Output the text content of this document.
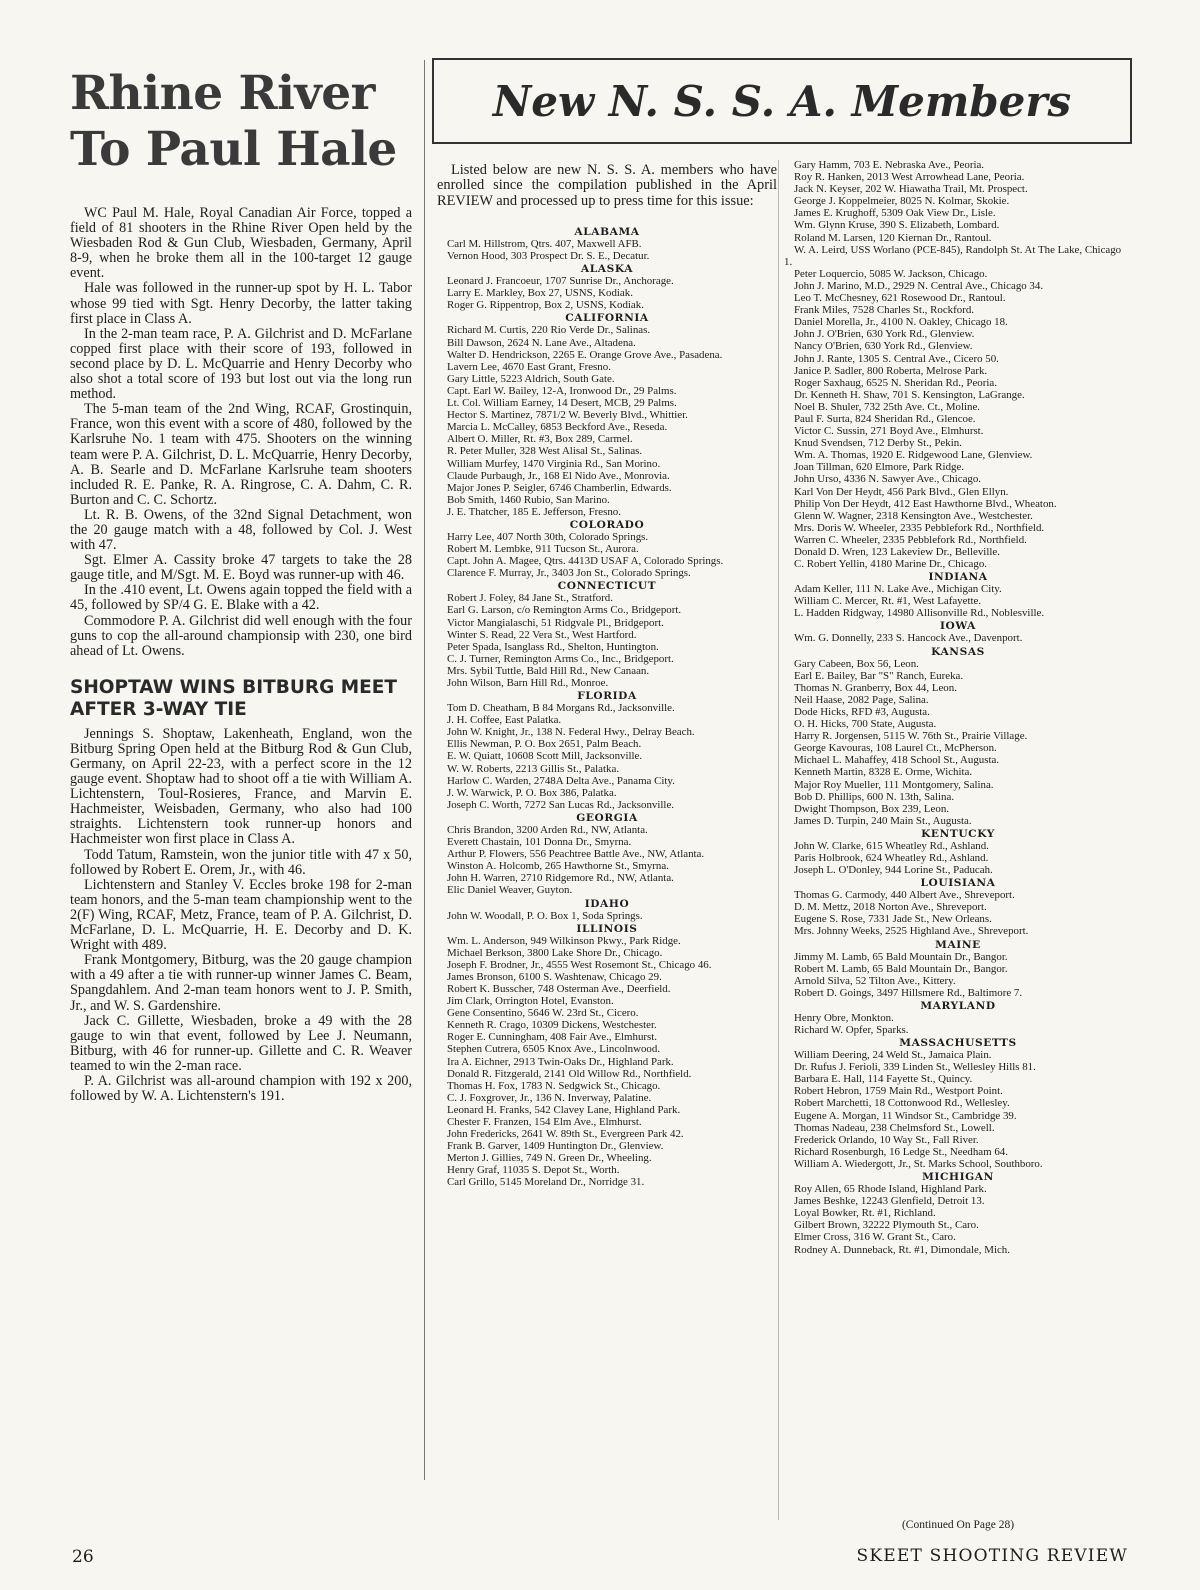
Rhine River To Paul Hale

WC Paul M. Hale, Royal Canadian Air Force, topped a field of 81 shooters in the Rhine River Open held by the Wiesbaden Rod & Gun Club, Wiesbaden, Germany, April 8-9, when he broke them all in the 100-target 12 gauge event.

Hale was followed in the runner-up spot by H. L. Tabor whose 99 tied with Sgt. Henry Decorby, the latter taking first place in Class A.

In the 2-man team race, P. A. Gilchrist and D. McFarlane copped first place with their score of 193, followed in second place by D. L. McQuarrie and Henry Decorby who also shot a total score of 193 but lost out via the long run method.

The 5-man team of the 2nd Wing, RCAF, Grostinquin, France, won this event with a score of 480, followed by the Karlsruhe No. 1 team with 475. Shooters on the winning team were P. A. Gilchrist, D. L. McQuarrie, Henry Decorby, A. B. Searle and D. McFarlane Karlsruhe team shooters included R. E. Panke, R. A. Ringrose, C. A. Dahm, C. R. Burton and C. C. Schortz.

Lt. R. B. Owens, of the 32nd Signal Detachment, won the 20 gauge match with a 48, followed by Col. J. West with 47.

Sgt. Elmer A. Cassity broke 47 targets to take the 28 gauge title, and M/Sgt. M. E. Boyd was runner-up with 46.

In the .410 event, Lt. Owens again topped the field with a 45, followed by SP/4 G. E. Blake with a 42.

Commodore P. A. Gilchrist did well enough with the four guns to cop the all-around championsip with 230, one bird ahead of Lt. Owens.

SHOPTAW WINS BITBURG MEET AFTER 3-WAY TIE

Jennings S. Shoptaw, Lakenheath, England, won the Bitburg Spring Open held at the Bitburg Rod & Gun Club, Germany, on April 22-23, with a perfect score in the 12 gauge event. Shoptaw had to shoot off a tie with William A. Lichtenstern, Toul-Rosieres, France, and Marvin E. Hachmeister, Weisbaden, Germany, who also had 100 straights. Lichtenstern took runner-up honors and Hachmeister won first place in Class A.

Todd Tatum, Ramstein, won the junior title with 47 x 50, followed by Robert E. Orem, Jr., with 46.

Lichtenstern and Stanley V. Eccles broke 198 for 2-man team honors, and the 5-man team championship went to the 2(F) Wing, RCAF, Metz, France, team of P. A. Gilchrist, D. McFarlane, D. L. McQuarrie, H. E. Decorby and D. K. Wright with 489.

Frank Montgomery, Bitburg, was the 20 gauge champion with a 49 after a tie with runner-up winner James C. Beam, Spangdahlem. And 2-man team honors went to J. P. Smith, Jr., and W. S. Gardenshire.

Jack C. Gillette, Wiesbaden, broke a 49 with the 28 gauge to win that event, followed by Lee J. Neumann, Bitburg, with 46 for runner-up. Gillette and C. R. Weaver teamed to win the 2-man race.

P. A. Gilchrist was all-around champion with 192 x 200, followed by W. A. Lichtenstern's 191.

New N. S. S. A. Members

Listed below are new N. S. S. A. members who have enrolled since the compilation published in the April REVIEW and processed up to press time for this issue:

ALABAMA
Carl M. Hillstrom, Qtrs. 407, Maxwell AFB.
Vernon Hood, 303 Prospect Dr. S. E., Decatur.
ALASKA
Leonard J. Francoeur, 1707 Sunrise Dr., Anchorage.
Larry E. Markley, Box 27, USNS, Kodiak.
Roger G. Rippentrop, Box 2, USNS, Kodiak.
CALIFORNIA
Richard M. Curtis, 220 Rio Verde Dr., Salinas.
Bill Dawson, 2624 N. Lane Ave., Altadena.
Walter D. Hendrickson, 2265 E. Orange Grove Ave., Pasadena.
Lavern Lee, 4670 East Grant, Fresno.
Gary Little, 5223 Aldrich, South Gate.
Capt. Earl W. Bailey, 12-A, Ironwood Dr., 29 Palms.
Lt. Col. William Earney, 14 Desert, MCB, 29 Palms.
Hector S. Martinez, 7871/2 W. Beverly Blvd., Whittier.
Marcia L. McCalley, 6853 Beckford Ave., Reseda.
Albert O. Miller, Rt. #3, Box 289, Carmel.
R. Peter Muller, 328 West Alisal St., Salinas.
William Murfey, 1470 Virginia Rd., San Morino.
Claude Purbaugh, Jr., 168 El Nido Ave., Monrovia.
Major Jones P. Seigler, 6746 Chamberlin, Edwards.
Bob Smith, 1460 Rubio, San Marino.
J. E. Thatcher, 185 E. Jefferson, Fresno.
COLORADO
Harry Lee, 407 North 30th, Colorado Springs.
Robert M. Lembke, 911 Tucson St., Aurora.
Capt. John A. Magee, Qtrs. 4413D USAF A, Colorado Springs.
Clarence F. Murray, Jr., 3403 Jon St., Colorado Springs.
CONNECTICUT
Robert J. Foley, 84 Jane St., Stratford.
Earl G. Larson, c/o Remington Arms Co., Bridgeport.
Victor Mangialaschi, 51 Ridgvale Pl., Bridgeport.
Winter S. Read, 22 Vera St., West Hartford.
Peter Spada, Isanglass Rd., Shelton, Huntington.
C. J. Turner, Remington Arms Co., Inc., Bridgeport.
Mrs. Sybil Tuttle, Bald Hill Rd., New Canaan.
John Wilson, Barn Hill Rd., Monroe.
FLORIDA
Tom D. Cheatham, B 84 Morgans Rd., Jacksonville.
J. H. Coffee, East Palatka.
John W. Knight, Jr., 138 N. Federal Hwy., Delray Beach.
Ellis Newman, P. O. Box 2651, Palm Beach.
E. W. Quiatt, 10608 Scott Mill, Jacksonville.
W. W. Roberts, 2213 Gillis St., Palatka.
Harlow C. Warden, 2748A Delta Ave., Panama City.
J. W. Warwick, P. O. Box 386, Palatka.
Joseph C. Worth, 7272 San Lucas Rd., Jacksonville.
GEORGIA
Chris Brandon, 3200 Arden Rd., NW, Atlanta.
Everett Chastain, 101 Donna Dr., Smyrna.
Arthur P. Flowers, 556 Peachtree Battle Ave., NW, Atlanta.
Winston A. Holcomb, 265 Hawthorne St., Smyrna.
John H. Warren, 2710 Ridgemore Rd., NW, Atlanta.
Elic Daniel Weaver, Guyton.
IDAHO
John W. Woodall, P. O. Box 1, Soda Springs.
ILLINOIS
Wm. L. Anderson, 949 Wilkinson Pkwy., Park Ridge.
Michael Berkson, 3800 Lake Shore Dr., Chicago.
Joseph F. Brodner, Jr., 4555 West Rosemont St., Chicago 46.
James Bronson, 6100 S. Washtenaw, Chicago 29.
Robert K. Busscher, 748 Osterman Ave., Deerfield.
Jim Clark, Orrington Hotel, Evanston.
Gene Consentino, 5646 W. 23rd St., Cicero.
Kenneth R. Crago, 10309 Dickens, Westchester.
Roger E. Cunningham, 408 Fair Ave., Elmhurst.
Stephen Cutrera, 6505 Knox Ave., Lincolnwood.
Ira A. Eichner, 2913 Twin-Oaks Dr., Highland Park.
Donald R. Fitzgerald, 2141 Old Willow Rd., Northfield.
Thomas H. Fox, 1783 N. Sedgwick St., Chicago.
C. J. Foxgrover, Jr., 136 N. Inverway, Palatine.
Leonard H. Franks, 542 Clavey Lane, Highland Park.
Chester F. Franzen, 154 Elm Ave., Elmhurst.
John Fredericks, 2641 W. 89th St., Evergreen Park 42.
Frank B. Garver, 1409 Huntington Dr., Glenview.
Merton J. Gillies, 749 N. Green Dr., Wheeling.
Henry Graf, 11035 S. Depot St., Worth.
Carl Grillo, 5145 Moreland Dr., Norridge 31.
Gary Hamm, 703 E. Nebraska Ave., Peoria.
Roy R. Hanken, 2013 West Arrowhead Lane, Peoria.
Jack N. Keyser, 202 W. Hiawatha Trail, Mt. Prospect.
George J. Koppelmeier, 8025 N. Kolmar, Skokie.
James E. Krughoff, 5309 Oak View Dr., Lisle.
Wm. Glynn Kruse, 390 S. Elizabeth, Lombard.
Roland M. Larsen, 120 Kiernan Dr., Rantoul.
W. A. Leird, USS Worlano (PCE-845), Randolph St. At The Lake, Chicago 1.
Peter Loquercio, 5085 W. Jackson, Chicago.
John J. Marino, M.D., 2929 N. Central Ave., Chicago 34.
Leo T. McChesney, 621 Rosewood Dr., Rantoul.
Frank Miles, 7528 Charles St., Rockford.
Daniel Morella, Jr., 4100 N. Oakley, Chicago 18.
John J. O'Brien, 630 York Rd., Glenview.
Nancy O'Brien, 630 York Rd., Glenview.
John J. Rante, 1305 S. Central Ave., Cicero 50.
Janice P. Sadler, 800 Roberta, Melrose Park.
Roger Saxhaug, 6525 N. Sheridan Rd., Peoria.
Dr. Kenneth H. Shaw, 701 S. Kensington, LaGrange.
Noel B. Shuler, 732 25th Ave. Ct., Moline.
Paul F. Surta, 824 Sheridan Rd., Glencoe.
Victor C. Sussin, 271 Boyd Ave., Elmhurst.
Knud Svendsen, 712 Derby St., Pekin.
Wm. A. Thomas, 1920 E. Ridgewood Lane, Glenview.
Joan Tillman, 620 Elmore, Park Ridge.
John Urso, 4336 N. Sawyer Ave., Chicago.
Karl Von Der Heydt, 456 Park Blvd., Glen Ellyn.
Philip Von Der Heydt, 412 East Hawthorne Blvd., Wheaton.
Glenn W. Wagner, 2318 Kensington Ave., Westchester.
Mrs. Doris W. Wheeler, 2335 Pebblefork Rd., Northfield.
Warren C. Wheeler, 2335 Pebblefork Rd., Northfield.
Donald D. Wren, 123 Lakeview Dr., Belleville.
C. Robert Yellin, 4180 Marine Dr., Chicago.
INDIANA
Adam Keller, 111 N. Lake Ave., Michigan City.
William C. Mercer, Rt. #1, West Lafayette.
L. Hadden Ridgway, 14980 Allisonville Rd., Noblesville.
IOWA
Wm. G. Donnelly, 233 S. Hancock Ave., Davenport.
KANSAS
Gary Cabeen, Box 56, Leon.
Earl E. Bailey, Bar "S" Ranch, Eureka.
Thomas N. Granberry, Box 44, Leon.
Neil Haase, 2082 Page, Salina.
Dode Hicks, RFD #3, Augusta.
O. H. Hicks, 700 State, Augusta.
Harry R. Jorgensen, 5115 W. 76th St., Prairie Village.
George Kavouras, 108 Laurel Ct., McPherson.
Michael L. Mahaffey, 418 School St., Augusta.
Kenneth Martin, 8328 E. Orme, Wichita.
Major Roy Mueller, 111 Montgomery, Salina.
Bob D. Phillips, 600 N. 13th, Salina.
Dwight Thompson, Box 239, Leon.
James D. Turpin, 240 Main St., Augusta.
KENTUCKY
John W. Clarke, 615 Wheatley Rd., Ashland.
Paris Holbrook, 624 Wheatley Rd., Ashland.
Joseph L. O'Donley, 944 Lorine St., Paducah.
LOUISIANA
Thomas G. Carmody, 440 Albert Ave., Shreveport.
D. M. Mettz, 2018 Norton Ave., Shreveport.
Eugene S. Rose, 7331 Jade St., New Orleans.
Mrs. Johnny Weeks, 2525 Highland Ave., Shreveport.
MAINE
Jimmy M. Lamb, 65 Bald Mountain Dr., Bangor.
Robert M. Lamb, 65 Bald Mountain Dr., Bangor.
Arnold Silva, 52 Tilton Ave., Kittery.
Robert D. Goings, 3497 Hillsmere Rd., Baltimore 7.
MARYLAND
Henry Obre, Monkton.
Richard W. Opfer, Sparks.
MASSACHUSETTS
William Deering, 24 Weld St., Jamaica Plain.
Dr. Rufus J. Ferioli, 339 Linden St., Wellesley Hills 81.
Barbara E. Hall, 114 Fayette St., Quincy.
Robert Hebron, 1759 Main Rd., Westport Point.
Robert Marchetti, 18 Cottonwood Rd., Wellesley.
Eugene A. Morgan, 11 Windsor St., Cambridge 39.
Thomas Nadeau, 238 Chelmsford St., Lowell.
Frederick Orlando, 10 Way St., Fall River.
Richard Rosenburgh, 16 Ledge St., Needham 64.
William A. Wiedergott, Jr., St. Marks School, Southboro.
MICHIGAN
Roy Allen, 65 Rhode Island, Highland Park.
James Beshke, 12243 Glenfield, Detroit 13.
Loyal Bowker, Rt. #1, Richland.
Gilbert Brown, 32222 Plymouth St., Caro.
Elmer Cross, 316 W. Grant St., Caro.
Rodney A. Dunneback, Rt. #1, Dimondale, Mich.
(Continued On Page 28)
26	SKEET SHOOTING REVIEW
